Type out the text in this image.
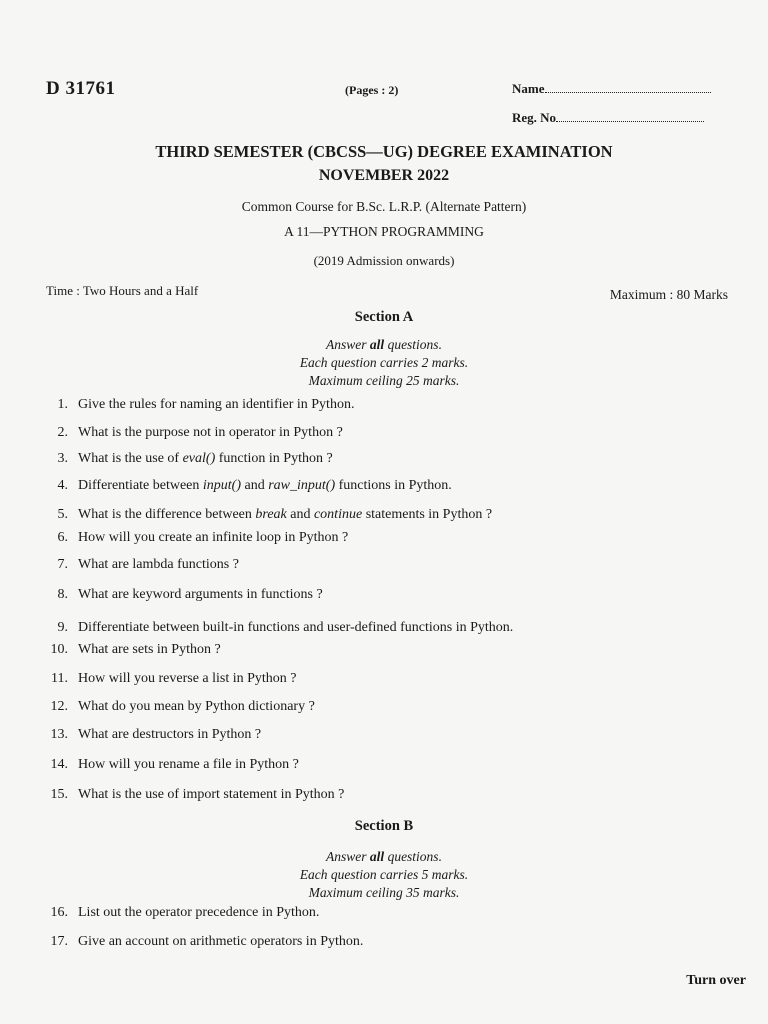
D 31761	(Pages : 2)	Name
Reg. No
THIRD SEMESTER (CBCSS—UG) DEGREE EXAMINATION
NOVEMBER 2022
Common Course for B.Sc. L.R.P. (Alternate Pattern)
A 11—PYTHON PROGRAMMING
(2019 Admission onwards)
Time : Two Hours and a Half	Maximum : 80 Marks
Section A
Answer all questions.
Each question carries 2 marks.
Maximum ceiling 25 marks.
1. Give the rules for naming an identifier in Python.
2. What is the purpose not in operator in Python ?
3. What is the use of eval() function in Python ?
4. Differentiate between input() and raw_input() functions in Python.
5. What is the difference between break and continue statements in Python ?
6. How will you create an infinite loop in Python ?
7. What are lambda functions ?
8. What are keyword arguments in functions ?
9. Differentiate between built-in functions and user-defined functions in Python.
10. What are sets in Python ?
11. How will you reverse a list in Python ?
12. What do you mean by Python dictionary ?
13. What are destructors in Python ?
14. How will you rename a file in Python ?
15. What is the use of import statement in Python ?
Section B
Answer all questions.
Each question carries 5 marks.
Maximum ceiling 35 marks.
16. List out the operator precedence in Python.
17. Give an account on arithmetic operators in Python.
Turn over
